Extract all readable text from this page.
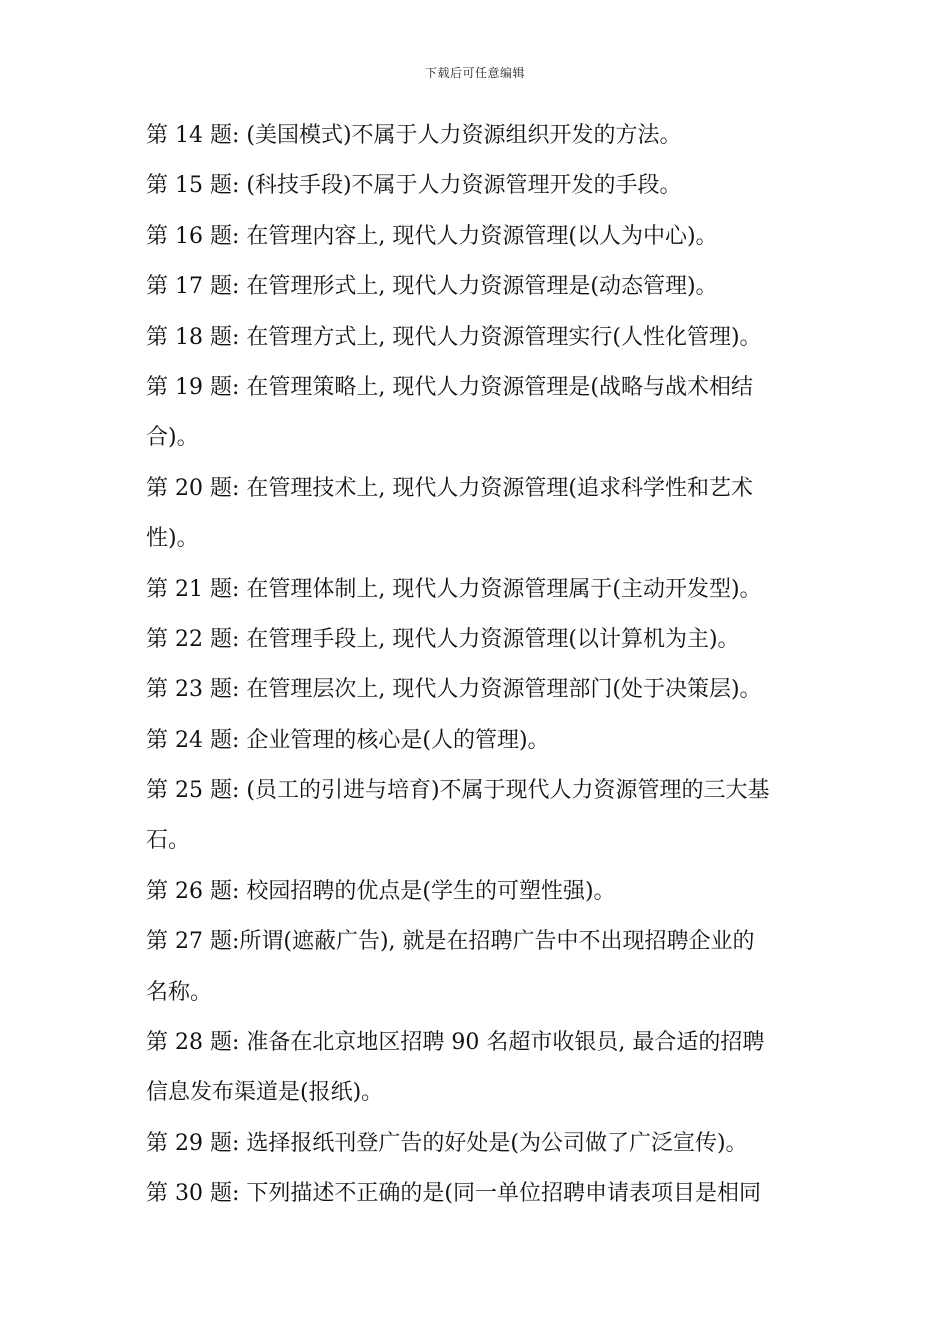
下载后可任意编辑
第 14 题: (美国模式)不属于人力资源组织开发的方法。
第 15 题: (科技手段)不属于人力资源管理开发的手段。
第 16 题: 在管理内容上, 现代人力资源管理(以人为中心)。
第 17 题: 在管理形式上, 现代人力资源管理是(动态管理)。
第 18 题: 在管理方式上, 现代人力资源管理实行(人性化管理)。
第 19 题: 在管理策略上, 现代人力资源管理是(战略与战术相结
合)。
第 20 题: 在管理技术上, 现代人力资源管理(追求科学性和艺术
性)。
第 21 题: 在管理体制上, 现代人力资源管理属于(主动开发型)。
第 22 题: 在管理手段上, 现代人力资源管理(以计算机为主)。
第 23 题: 在管理层次上, 现代人力资源管理部门(处于决策层)。
第 24 题: 企业管理的核心是(人的管理)。
第 25 题: (员工的引进与培育)不属于现代人力资源管理的三大基
石。
第 26 题: 校园招聘的优点是(学生的可塑性强)。
第 27 题:所谓(遮蔽广告), 就是在招聘广告中不出现招聘企业的
名称。
第 28 题: 准备在北京地区招聘 90 名超市收银员, 最合适的招聘
信息发布渠道是(报纸)。
第 29 题: 选择报纸刊登广告的好处是(为公司做了广泛宣传)。
第 30 题: 下列描述不正确的是(同一单位招聘申请表项目是相同
